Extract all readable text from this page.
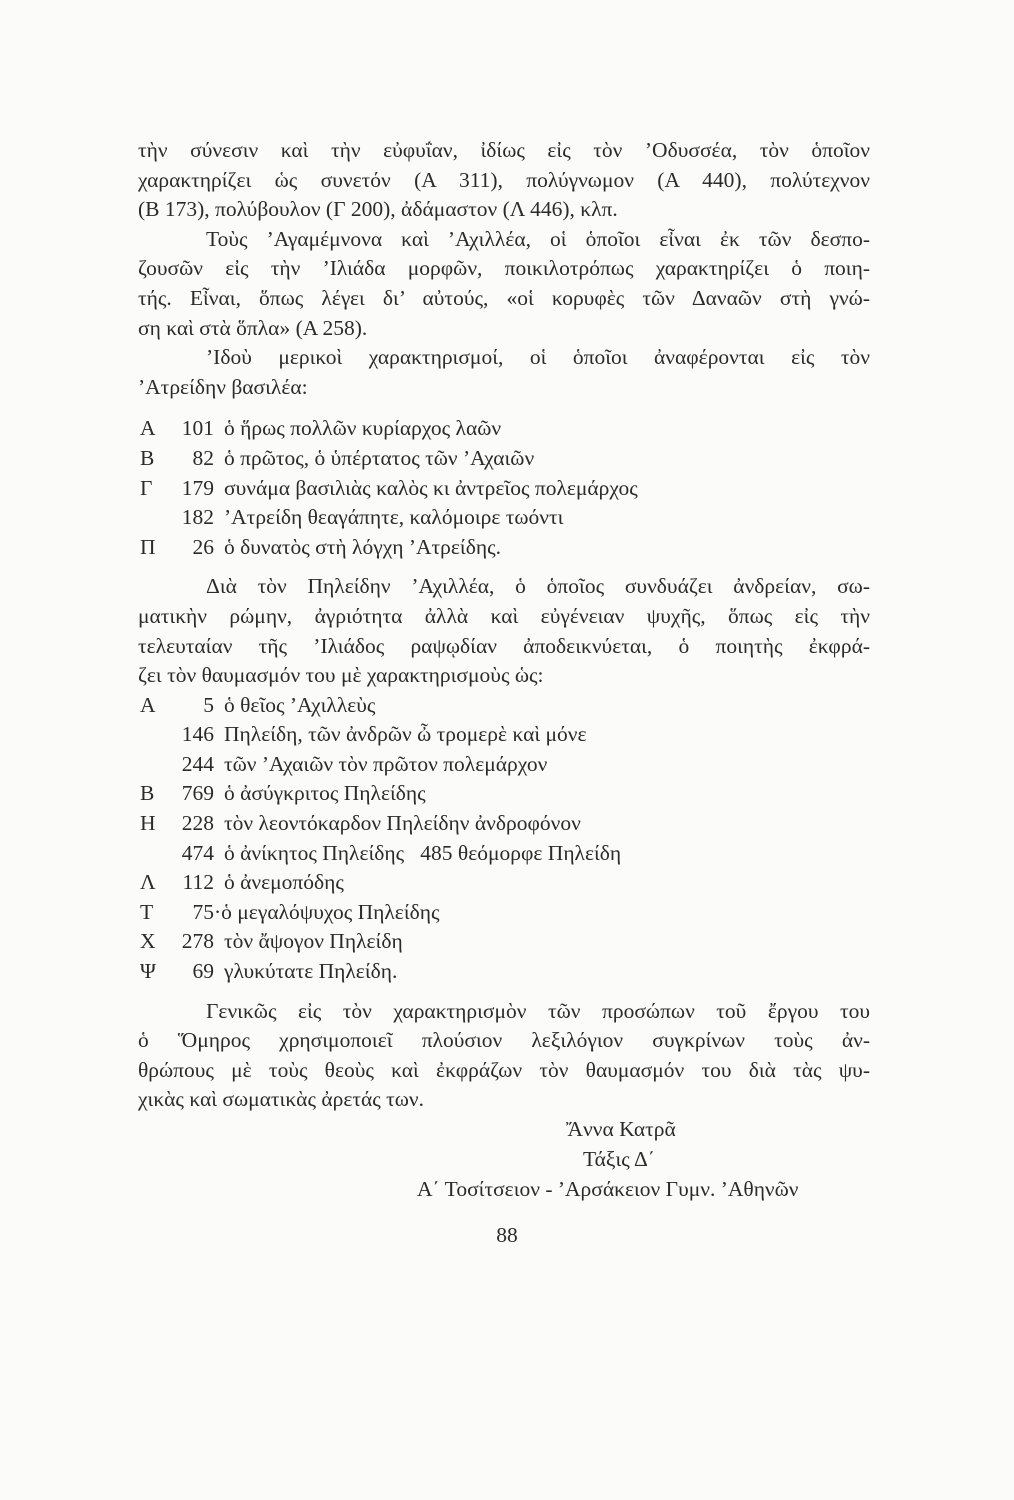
τὴν σύνεσιν καὶ τὴν εὐφυΐαν, ἰδίως εἰς τὸν ’Οδυσσέα, τὸν ὁποῖον
χαρακτηρίζει ὡς συνετόν (Α 311), πολύγνωμον (Α 440), πολύτεχνον
(Β 173), πολύβουλον (Γ 200), ἀδάμαστον (Λ 446), κλπ.
Τοὺς ’Αγαμέμνονα καὶ ’Αχιλλέα, οἱ ὁποῖοι εἶναι ἐκ τῶν δεσπο-
ζουσῶν εἰς τὴν ’Ιλιάδα μορφῶν, ποικιλοτρόπως χαρακτηρίζει ὁ ποιη-
τής. Εἶναι, ὅπως λέγει δι’ αὐτούς, «οἱ κορυφὲς τῶν Δαναῶν στὴ γνώ-
ση καὶ στὰ ὅπλα» (Α 258).
’Ιδοὺ μερικοὶ χαρακτηρισμοί, οἱ ὁποῖοι ἀναφέρονται εἰς τὸν
’Ατρείδην βασιλέα:
Α	101 ὁ ἥρως πολλῶν κυρίαρχος λαῶν
Β	82 ὁ πρῶτος, ὁ ὑπέρτατος τῶν ’Αχαιῶν
Γ	179 συνάμα βασιλιὰς καλὸς κι ἀντρεῖος πολεμάρχος
182 ’Ατρείδη θεαγάπητε, καλόμοιρε τωόντι
Π	26 ὁ δυνατὸς στὴ λόγχη ’Ατρείδης.
Διὰ τὸν Πηλείδην ’Αχιλλέα, ὁ ὁποῖος συνδυάζει ἀνδρείαν, σω-
ματικὴν ρώμην, ἀγριότητα ἀλλὰ καὶ εὐγένειαν ψυχῆς, ὅπως εἰς τὴν
τελευταίαν τῆς ’Ιλιάδος ραψῳδίαν ἀποδεικνύεται, ὁ ποιητὴς ἐκφρά-
ζει τὸν θαυμασμόν του μὲ χαρακτηρισμοὺς ὡς:
Α	5 ὁ θεῖος ’Αχιλλεὺς
146 Πηλείδη, τῶν ἀνδρῶν ὦ τρομερὲ καὶ μόνε
244 τῶν ’Αχαιῶν τὸν πρῶτον πολεμάρχον
Β	769 ὁ ἀσύγκριτος Πηλείδης
Η	228 τὸν λεοντόκαρδον Πηλείδην ἀνδροφόνον
474 ὁ ἀνίκητος Πηλείδης   485 θεόμορφε Πηλείδη
Λ	112 ὁ ἀνεμοπόδης
Τ	75 ·ὁ μεγαλόψυχος Πηλείδης
Χ	278 τὸν ἄψογον Πηλείδη
Ψ	69 γλυκύτατε Πηλείδη.
Γενικῶς εἰς τὸν χαρακτηρισμὸν τῶν προσώπων τοῦ ἔργου του
ὁ Ὅμηρος χρησιμοποιεῖ πλούσιον λεξιλόγιον συγκρίνων τοὺς ἀν-
θρώπους μὲ τοὺς θεοὺς καὶ ἐκφράζων τὸν θαυμασμόν του διὰ τὰς ψυ-
χικὰς καὶ σωματικὰς ἀρετάς των.
Ἄννα Κατρᾶ
Τάξις Δ΄
Α΄ Τοσίτσειον - ’Αρσάκειον Γυμν. ’Αθηνῶν
88
